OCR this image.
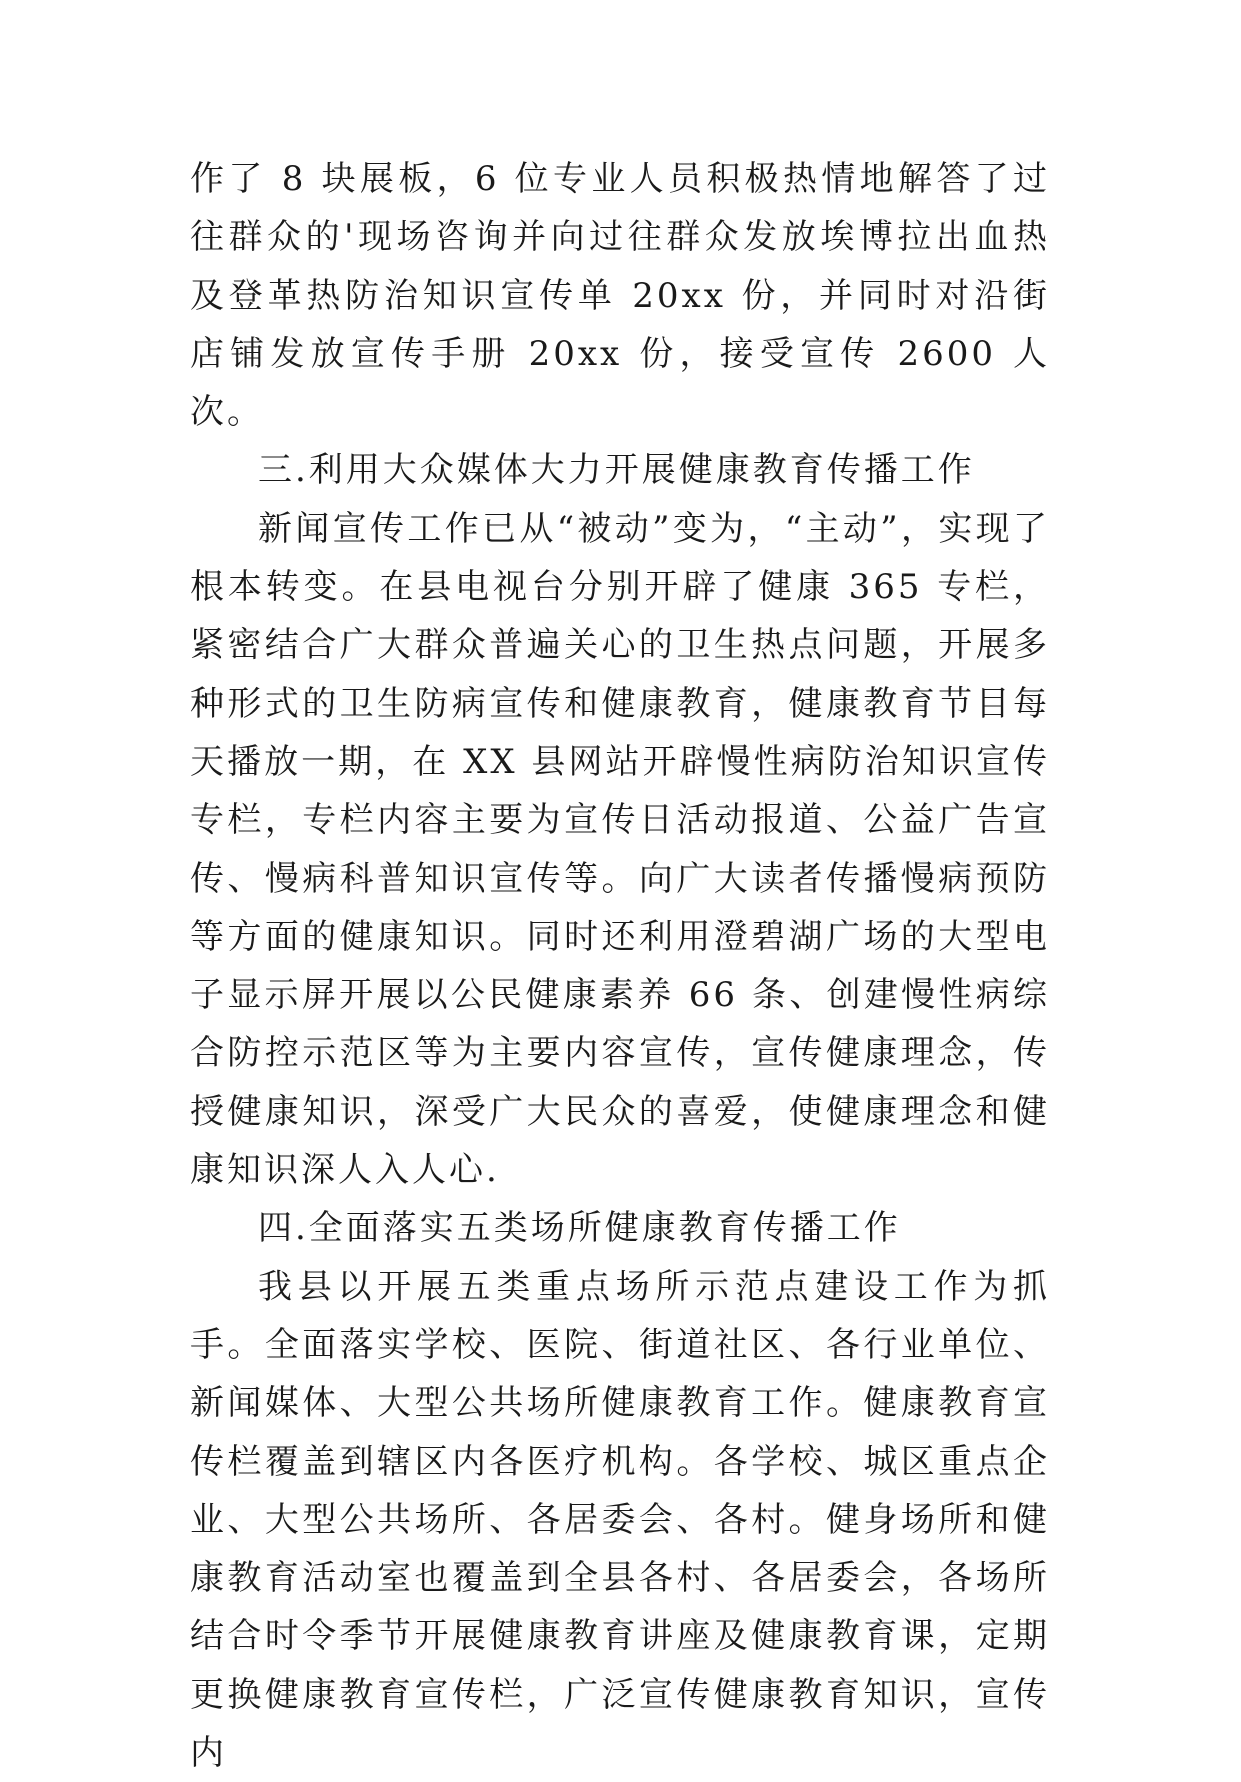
作了 8 块展板，6 位专业人员积极热情地解答了过往群众的'现场咨询并向过往群众发放埃博拉出血热及登革热防治知识宣传单 20xx 份，并同时对沿街店铺发放宣传手册 20xx 份，接受宣传 2600 人次。

三.利用大众媒体大力开展健康教育传播工作

新闻宣传工作已从“被动”变为，“主动”，实现了根本转变。在县电视台分别开辟了健康 365 专栏，紧密结合广大群众普遍关心的卫生热点问题，开展多种形式的卫生防病宣传和健康教育，健康教育节目每天播放一期，在 XX 县网站开辟慢性病防治知识宣传专栏，专栏内容主要为宣传日活动报道、公益广告宣传、慢病科普知识宣传等。向广大读者传播慢病预防等方面的健康知识。同时还利用澄碧湖广场的大型电子显示屏开展以公民健康素养 66 条、创建慢性病综合防控示范区等为主要内容宣传，宣传健康理念，传授健康知识，深受广大民众的喜爱，使健康理念和健康知识深人入人心.

四.全面落实五类场所健康教育传播工作

我县以开展五类重点场所示范点建设工作为抓手。全面落实学校、医院、街道社区、各行业单位、新闻媒体、大型公共场所健康教育工作。健康教育宣传栏覆盖到辖区内各医疗机构。各学校、城区重点企业、大型公共场所、各居委会、各村。健身场所和健康教育活动室也覆盖到全县各村、各居委会，各场所结合时令季节开展健康教育讲座及健康教育课，定期更换健康教育宣传栏，广泛宣传健康教育知识，宣传内
